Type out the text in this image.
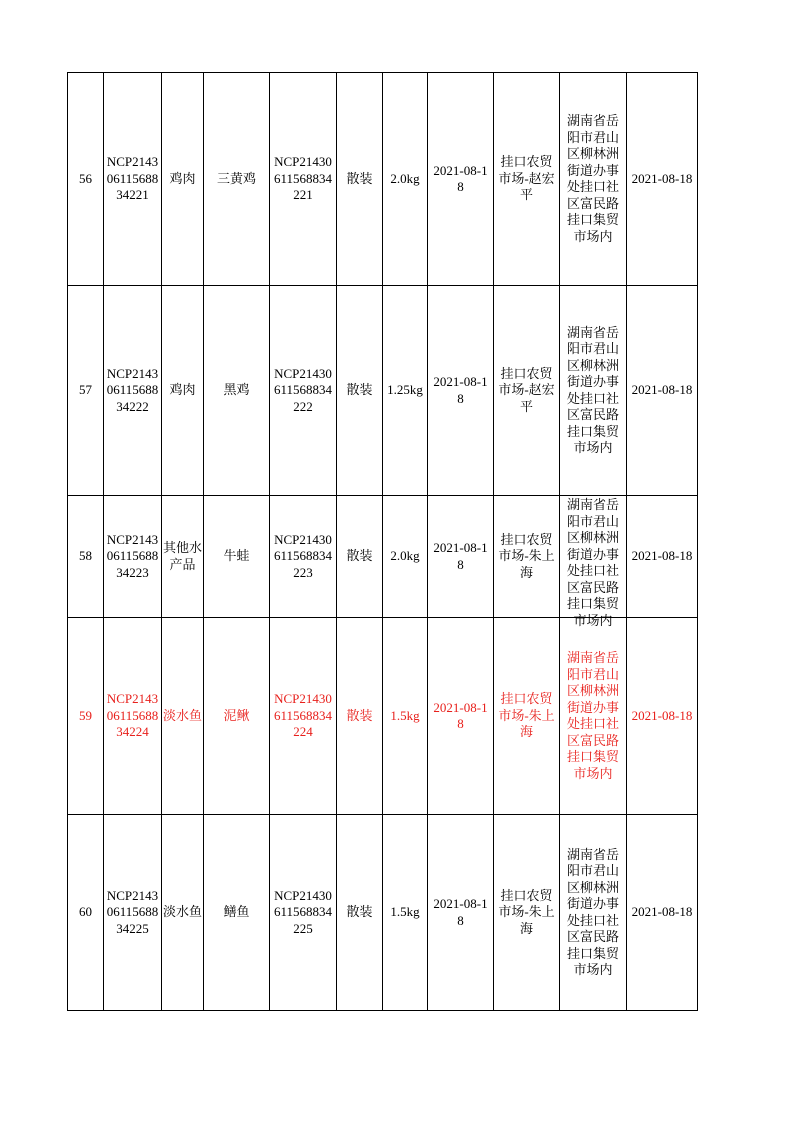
56	NCP214306115688 34221	鸡肉	三黄鸡	NCP21430 611568834 221	散装	2.0kg	2021-08-18	挂口农贸市场-赵宏平	湖南省岳阳市君山区柳林洲街道办事处挂口社区富民路挂口集贸市场内	2021-08-18
57	NCP214306115688 34222	鸡肉	黑鸡	NCP21430 611568834 222	散装	1.25kg	2021-08-18	挂口农贸市场-赵宏平	湖南省岳阳市君山区柳林洲街道办事处挂口社区富民路挂口集贸市场内	2021-08-18
58	NCP214306115688 34223	其他水产品	牛蛙	NCP21430 611568834 223	散装	2.0kg	2021-08-18	挂口农贸市场-朱上海	湖南省岳阳市君山区柳林洲街道办事处挂口社区富民路挂口集贸市场内	2021-08-18
59	NCP214306115688 34224	淡水鱼	泥鳅	NCP21430 611568834 224	散装	1.5kg	2021-08-18	挂口农贸市场-朱上海	湖南省岳阳市君山区柳林洲街道办事处挂口社区富民路挂口集贸市场内	2021-08-18
60	NCP214306115688 34225	淡水鱼	鳝鱼	NCP21430 611568834 225	散装	1.5kg	2021-08-18	挂口农贸市场-朱上海	湖南省岳阳市君山区柳林洲街道办事处挂口社区富民路挂口集贸市场内	2021-08-18
